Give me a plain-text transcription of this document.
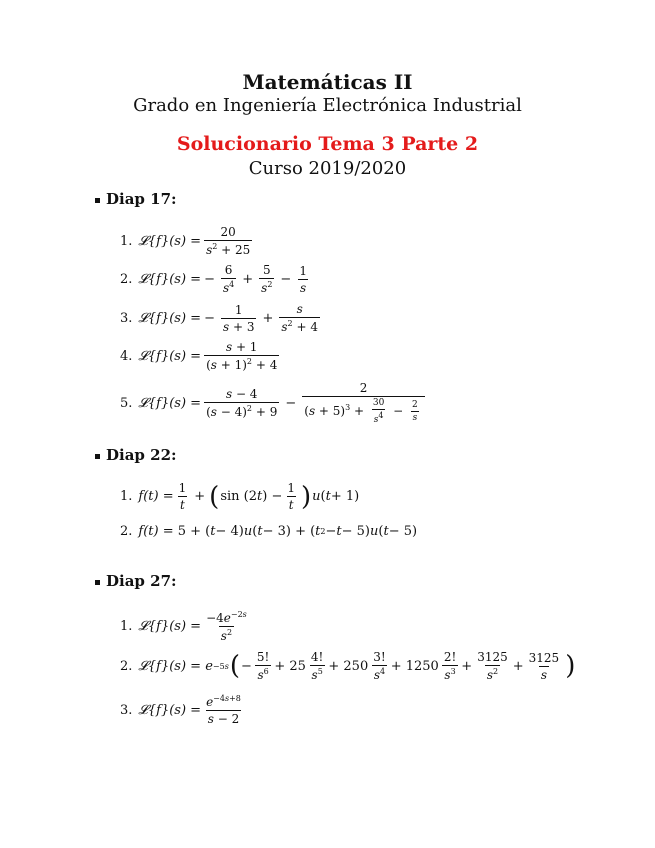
Matemáticas II
Grado en Ingeniería Electrónica Industrial
Solucionario Tema 3 Parte 2
Curso 2019/2020
Diap 17:
1. 𝓛{f}(s) = $\frac{20}{s^2 + 25}$
2. 𝓛{f}(s) = − $\frac{6}{s^4} + \frac{5}{s^2} - \frac{1}{s}$
3. 𝓛{f}(s) = − $\frac{1}{s + 3} + \frac{s}{s^2 + 4}$
4. 𝓛{f}(s) = $\frac{s + 1}{(s + 1)^2 + 4}$
5. 𝓛{f}(s) = $\frac{s - 4}{(s - 4)^2 + 9} - \frac{2}{(s + 5)^3 + \frac{30}{s^4} - \frac{2}{s}}$
Diap 22:
1. $f(t) = \frac{1}{t}$ + ( sin (2 t ) − $\frac{1}{t}$ ) u ( t + 1)
2. f(t) = 5 + ( t − 4) u ( t − 3) + ( t 2 − t − 5) u ( t − 5)
Diap 27:
1. 𝓛{f}(s) = $\frac{-4e^{-2s}}{s^2}$
2. 𝓛{f}(s) =
e −5s ( − $\frac{5!}{s^6} + 25 \frac{4!}{s^5} + 250 \frac{3!}{s^4} + 1250 \frac{2!}{s^3} + \frac{3125}{s^2} + \frac{3125}{s}$ )
3. 𝓛{f}(s) = $\frac{e^{-4s+8}}{s - 2}$
